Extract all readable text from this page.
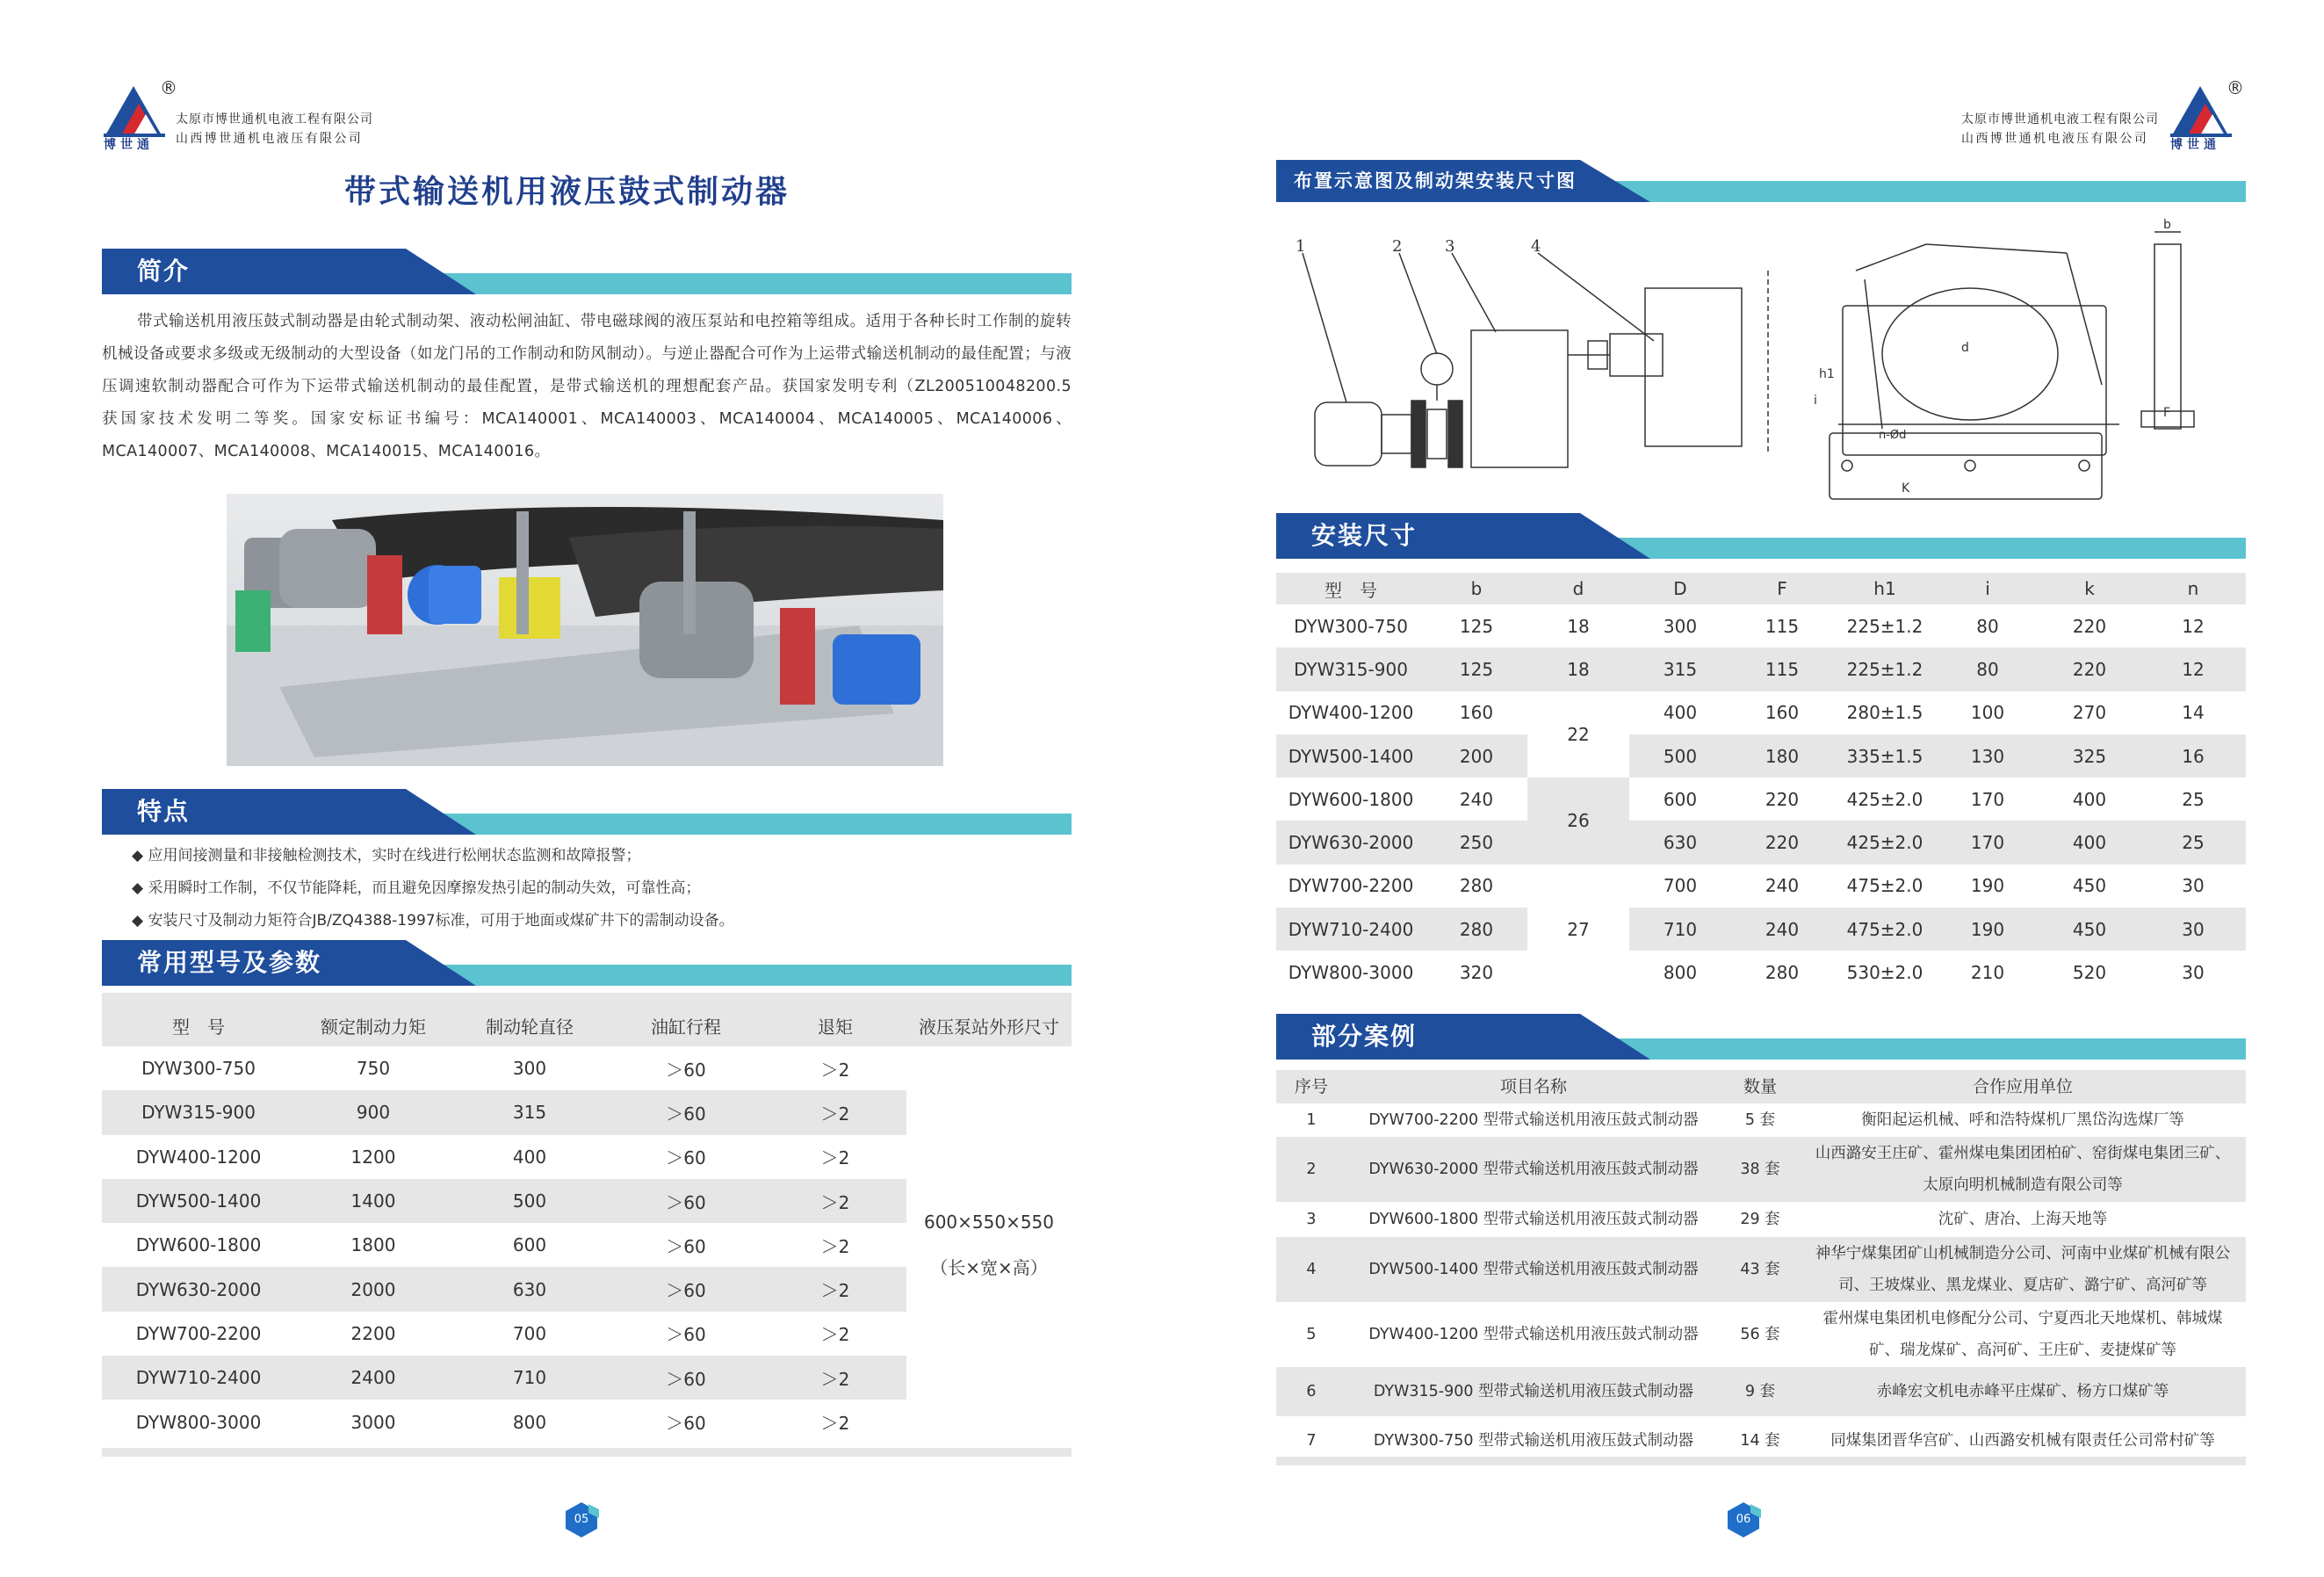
®
博世通
太原市博世通机电液工程有限公司
山西博世通机电液压有限公司
带式输送机用液压鼓式制动器
简介
带式输送机用液压鼓式制动器是由轮式制动架、液动松闸油缸、带电磁球阀的液压泵站和电控箱等组成。适用于各种长时工作制的旋转机械设备或要求多级或无级制动的大型设备（如龙门吊的工作制动和防风制动）。与逆止器配合可作为上运带式输送机制动的最佳配置；与液压调速软制动器配合可作为下运带式输送机制动的最佳配置，是带式输送机的理想配套产品。获国家发明专利（ZL200510048200.5　　获国家技术发明二等奖。国家安标证书编号：MCA140001、MCA140003、MCA140004、MCA140005、MCA140006、MCA140007、MCA140008、MCA140015、MCA140016。
特点
◆ 应用间接测量和非接触检测技术，实时在线进行松闸状态监测和故障报警；
◆ 采用瞬时工作制，不仅节能降耗，而且避免因摩擦发热引起的制动失效，可靠性高；
◆ 安装尺寸及制动力矩符合JB/ZQ4388-1997标准，可用于地面或煤矿井下的需制动设备。
常用型号及参数
型　号	额定制动力矩	制动轮直径	油缸行程	退矩	液压泵站外形尺寸
DYW300-750	750	300	＞60	＞2	600×550×550
（长×宽×高）

DYW315-900	900	315	＞60	＞2	
DYW400-1200	1200	400	＞60	＞2	
DYW500-1400	1400	500	＞60	＞2	
DYW600-1800	1800	600	＞60	＞2	
DYW630-2000	2000	630	＞60	＞2	
DYW700-2200	2200	700	＞60	＞2	
DYW710-2400	2400	710	＞60	＞2	
DYW800-3000	3000	800	＞60	＞2	
05
太原市博世通机电液工程有限公司
山西博世通机电液压有限公司
®
博世通
布置示意图及制动架安装尺寸图
1	2	3	4
b
d
h1
i
n-Ød
K
F
安装尺寸
型　号	b	d	D	F	h1	i	k	n
DYW300-750	125	18	300	115	225±1.2	80	220	12
DYW315-900	125	18	315	115	225±1.2	80	220	12
DYW400-1200	160	22	400	160	280±1.5	100	270	14
DYW500-1400	200		500	180	335±1.5	130	325	16
DYW600-1800	240	26	600	220	425±2.0	170	400	25
DYW630-2000	250		630	220	425±2.0	170	400	25
DYW700-2200	280	27	700	240	475±2.0	190	450	30
DYW710-2400	280		710	240	475±2.0	190	450	30
DYW800-3000	320		800	280	530±2.0	210	520	30
部分案例
序号	项目名称	数量	合作应用单位
1	DYW700-2200 型带式输送机用液压鼓式制动器	5 套	衡阳起运机械、呼和浩特煤机厂黑岱沟选煤厂等
2	DYW630-2000 型带式输送机用液压鼓式制动器	38 套	山西潞安王庄矿、霍州煤电集团团柏矿、窑街煤电集团三矿、太原向明机械制造有限公司等
3	DYW600-1800 型带式输送机用液压鼓式制动器	29 套	沈矿、唐冶、上海天地等
4	DYW500-1400 型带式输送机用液压鼓式制动器	43 套	神华宁煤集团矿山机械制造分公司、河南中业煤矿机械有限公司、王坡煤业、黑龙煤业、夏店矿、潞宁矿、高河矿等
5	DYW400-1200 型带式输送机用液压鼓式制动器	56 套	霍州煤电集团机电修配分公司、宁夏西北天地煤机、韩城煤矿、瑞龙煤矿、高河矿、王庄矿、麦捷煤矿等
6	DYW315-900 型带式输送机用液压鼓式制动器	9 套	赤峰宏文机电赤峰平庄煤矿、杨方口煤矿等
7	DYW300-750 型带式输送机用液压鼓式制动器	14 套	同煤集团晋华宫矿、山西潞安机械有限责任公司常村矿等
06
